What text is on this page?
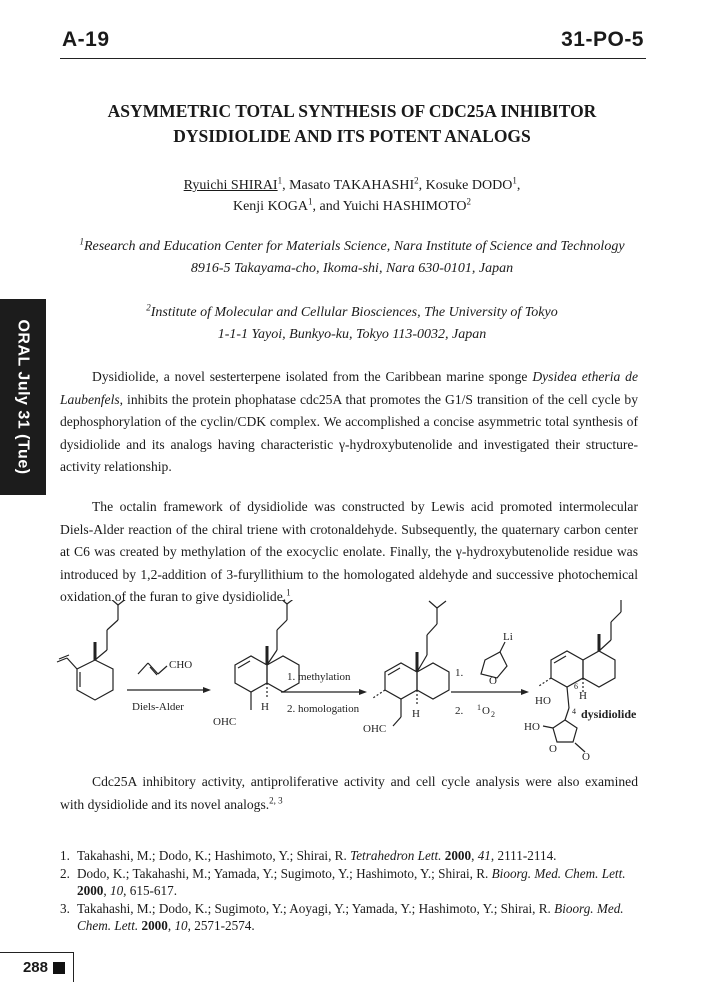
A-19	31-PO-5
ORAL July 31 (Tue)
ASYMMETRIC TOTAL SYNTHESIS OF CDC25A INHIBITOR
DYSIDIOLIDE AND ITS POTENT ANALOGS
Ryuichi SHIRAI$^1$, Masato TAKAHASHI$^2$, Kosuke DODO$^1$,
Kenji KOGA$^1$, and Yuichi HASHIMOTO$^2$
$^1$Research and Education Center for Materials Science, Nara Institute of Science and Technology
8916-5 Takayama-cho, Ikoma-shi, Nara 630-0101, Japan
$^2$Institute of Molecular and Cellular Biosciences, The University of Tokyo
1-1-1 Yayoi, Bunkyo-ku, Tokyo 113-0032, Japan

Dysidiolide, a novel sesterterpene isolated from the Caribbean marine sponge Dysidea etheria de Laubenfels, inhibits the protein phophatase cdc25A that promotes the G1/S transition of the cell cycle by dephosphorylation of the cyclin/CDK complex. We accomplished a concise asymmetric total synthesis of dysidiolide and its analogs having characteristic γ-hydroxybutenolide and investigated their structure-activity relationship.

The octalin framework of dysidiolide was constructed by Lewis acid promoted intermolecular Diels-Alder reaction of the chiral triene with crotonaldehyde. Subsequently, the quaternary carbon center at C6 was created by methylation of the exocyclic enolate. Finally, the γ-hydroxybutenolide residue was introduced by 1,2-addition of 3-furyllithium to the homologated aldehyde and successive photochemical oxidation of the furan to give dysidiolide.$^1$

CHO
Diels-Alder
OHC
H
1. methylation
2. homologation
OHC
H
Li
O
1.
2. 1 O 2
6
H
HO
4
HO
O
O
dysidiolide

Cdc25A inhibitory activity, antiproliferative activity and cell cycle analysis were also examined with dysidiolide and its novel analogs.$^{2, 3}$

1. Takahashi, M.; Dodo, K.; Hashimoto, Y.; Shirai, R. Tetrahedron Lett. 2000, 41, 2111-2114.
2. Dodo, K.; Takahashi, M.; Yamada, Y.; Sugimoto, Y.; Hashimoto, Y.; Shirai, R. Bioorg. Med. Chem. Lett. 2000, 10, 615-617.
3. Takahashi, M.; Dodo, K.; Sugimoto, Y.; Aoyagi, Y.; Yamada, Y.; Hashimoto, Y.; Shirai, R. Bioorg. Med. Chem. Lett. 2000, 10, 2571-2574.
288
